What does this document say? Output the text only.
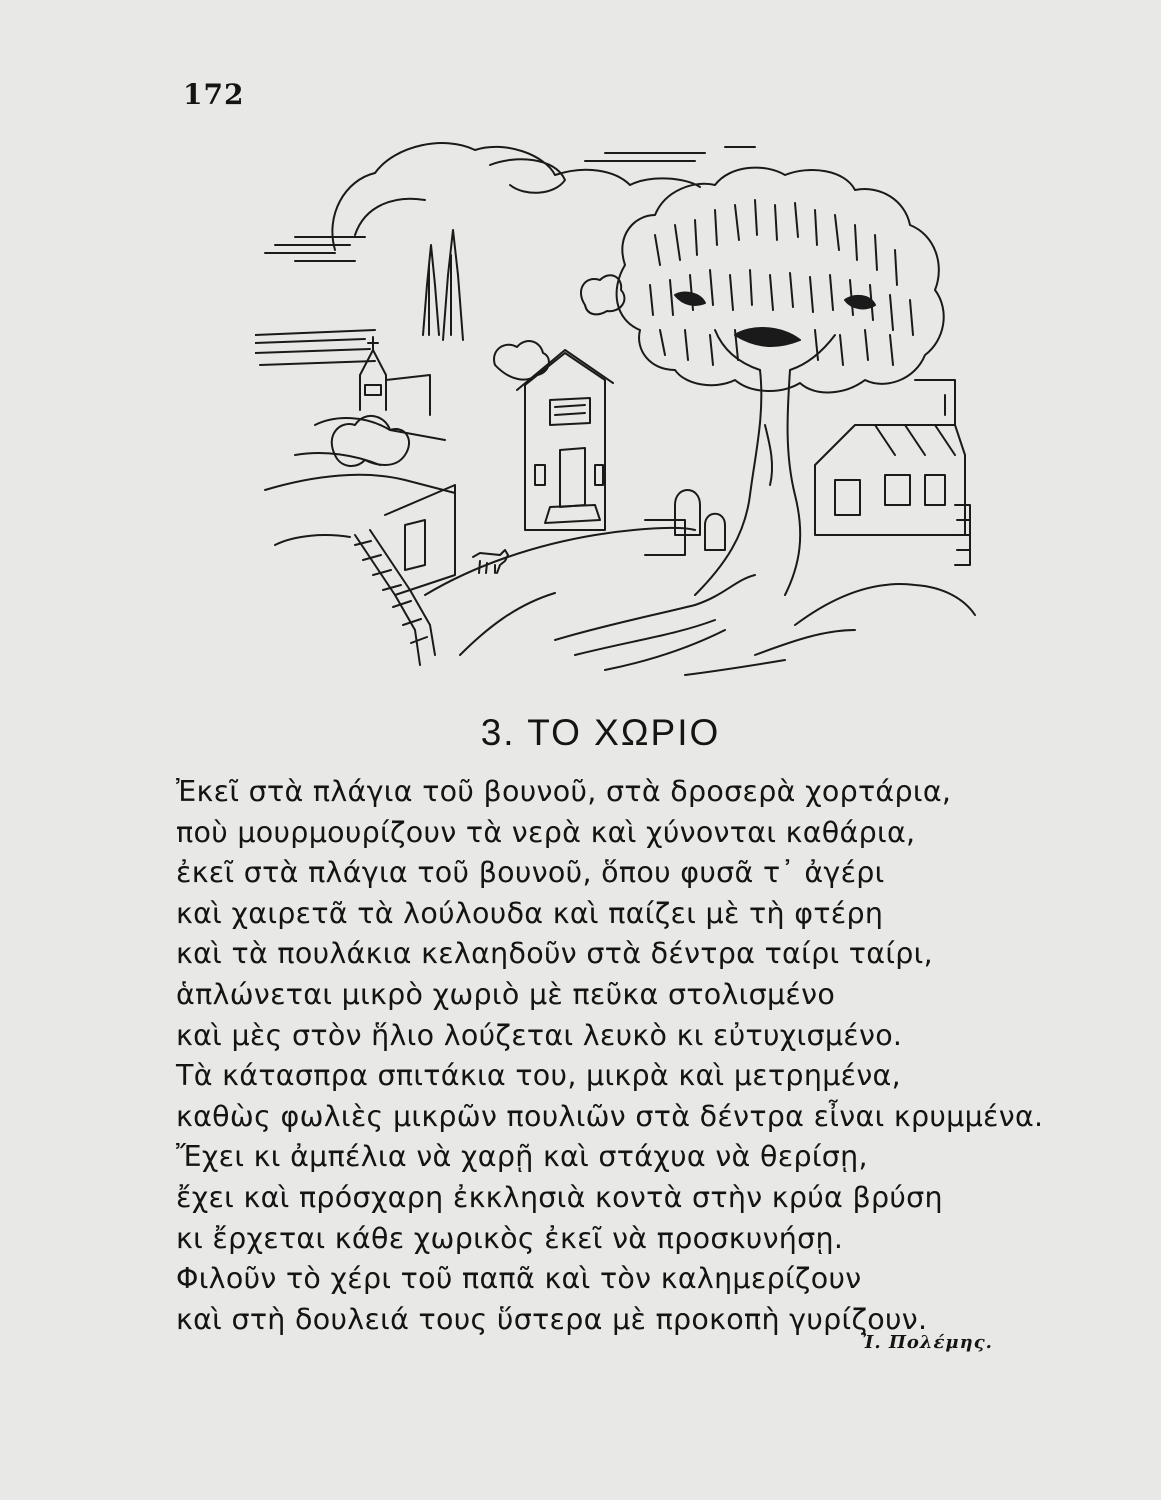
172
3. ΤΟ ΧΩΡΙΟ
Ἐκεῖ στὰ πλάγια τοῦ βουνοῦ, στὰ δροσερὰ χορτάρια,
ποὺ μουρμουρίζουν τὰ νερὰ καὶ χύνονται καθάρια,
ἐκεῖ στὰ πλάγια τοῦ βουνοῦ, ὅπου φυσᾶ τ᾿ ἀγέρι
καὶ χαιρετᾶ τὰ λούλουδα καὶ παίζει μὲ τὴ φτέρη
καὶ τὰ πουλάκια κελαηδοῦν στὰ δέντρα ταίρι ταίρι,
ἁπλώνεται μικρὸ χωριὸ μὲ πεῦκα στολισμένο
καὶ μὲς στὸν ἥλιο λούζεται λευκὸ κι εὐτυχισμένο.
Τὰ κάτασπρα σπιτάκια του, μικρὰ καὶ μετρημένα,
καθὼς φωλιὲς μικρῶν πουλιῶν στὰ δέντρα εἶναι κρυμμένα.
Ἔχει κι ἀμπέλια νὰ χαρῇ καὶ στάχυα νὰ θερίσῃ,
ἔχει καὶ πρόσχαρη ἐκκλησιὰ κοντὰ στὴν κρύα βρύση
κι ἔρχεται κάθε χωρικὸς ἐκεῖ νὰ προσκυνήσῃ.
Φιλοῦν τὸ χέρι τοῦ παπᾶ καὶ τὸν καλημερίζουν
καὶ στὴ δουλειά τους ὕστερα μὲ προκοπὴ γυρίζουν.
Ἰ. Πολέμης.
